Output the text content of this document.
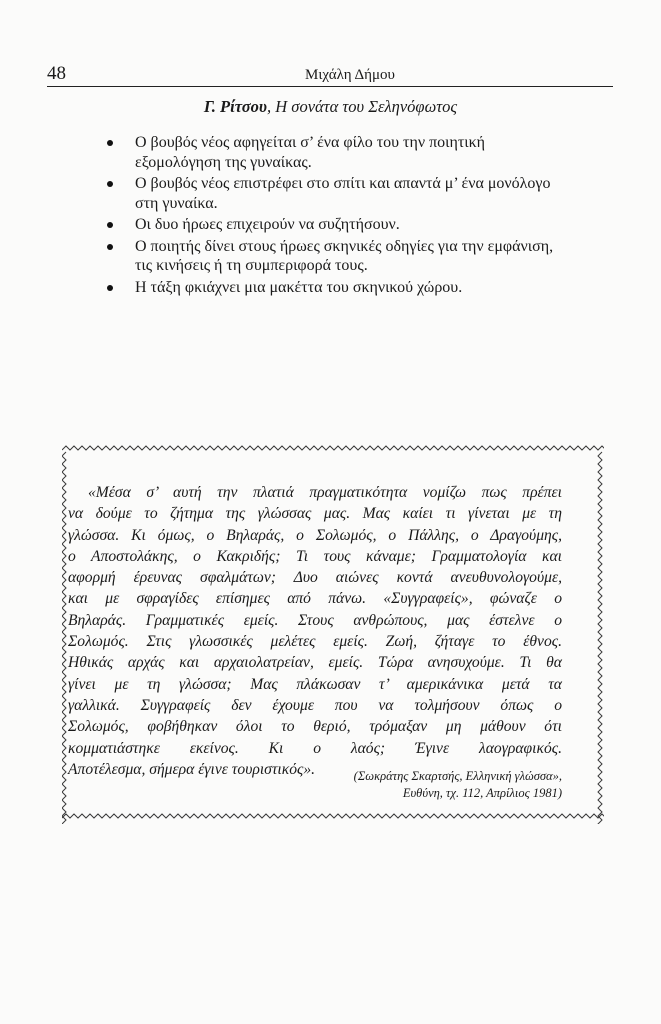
48	Μιχάλη Δήμου
Γ. Ρίτσου, Η σονάτα του Σεληνόφωτος
Ο βουβός νέος αφηγείται σ’ ένα φίλο του την ποιητική
εξομολόγηση της γυναίκας.
Ο βουβός νέος επιστρέφει στο σπίτι και απαντά μ’ ένα μονόλογο
στη γυναίκα.
Οι δυο ήρωες επιχειρούν να συζητήσουν.
Ο ποιητής δίνει στους ήρωες σκηνικές οδηγίες για την εμφάνιση,
τις κινήσεις ή τη συμπεριφορά τους.
Η τάξη φκιάχνει μια μακέττα του σκηνικού χώρου.
«Μέσα σ’ αυτή την πλατιά πραγματικότητα νομίζω πως πρέπει
να δούμε το ζήτημα της γλώσσας μας. Μας καίει τι γίνεται με τη
γλώσσα. Κι όμως, ο Βηλαράς, ο Σολωμός, ο Πάλλης, ο Δραγούμης,
ο Αποστολάκης, ο Κακριδής; Τι τους κάναμε; Γραμματολογία και
αφορμή έρευνας σφαλμάτων; Δυο αιώνες κοντά ανευθυνολογούμε,
και με σφραγίδες επίσημες από πάνω. «Συγγραφείς», φώναζε ο
Βηλαράς. Γραμματικές εμείς. Στους ανθρώπους, μας έστελνε ο
Σολωμός. Στις γλωσσικές μελέτες εμείς. Ζωή, ζήταγε το έθνος.
Ηθικάς αρχάς και αρχαιολατρείαν, εμείς. Τώρα ανησυχούμε. Τι θα
γίνει με τη γλώσσα; Μας πλάκωσαν τ’ αμερικάνικα μετά τα
γαλλικά. Συγγραφείς δεν έχουμε που να τολμήσουν όπως ο
Σολωμός, φοβήθηκαν όλοι το θεριό, τρόμαξαν μη μάθουν ότι
κομματιάστηκε εκείνος. Κι ο λαός; Έγινε λαογραφικός.
Αποτέλεσμα, σήμερα έγινε τουριστικός».	(Σωκράτης Σκαρτσής, Ελληνική γλώσσα»,
Ευθύνη, τχ. 112, Απρίλιος 1981)
